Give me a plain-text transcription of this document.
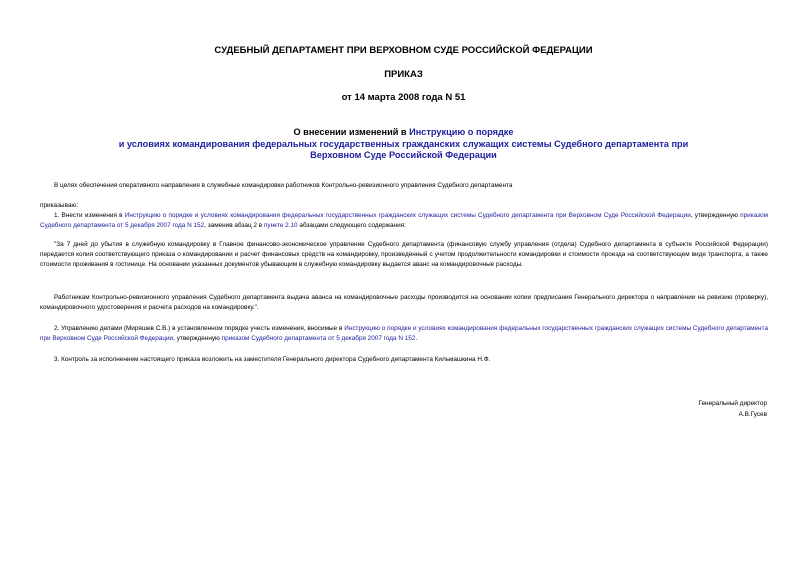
СУДЕБНЫЙ ДЕПАРТАМЕНТ ПРИ ВЕРХОВНОМ СУДЕ РОССИЙСКОЙ ФЕДЕРАЦИИ
ПРИКАЗ
от 14 марта 2008 года N 51
О внесении изменений в Инструкцию о порядке
и условиях командирования федеральных государственных гражданских служащих системы Судебного департамента при
Верховном Суде Российской Федерации
В целях обеспечения оперативного направления в служебные командировки работников Контрольно-ревизионного управления Судебного департамента
приказываю:
1. Внести изменения в Инструкцию о порядке и условиях командирования федеральных государственных гражданских служащих системы Судебного департамента при Верховном Суде Российской Федерации, утвержденную приказом Судебного департамента от 5 декабря 2007 года N 152, заменив абзац 2 в пункте 2.10 абзацами следующего содержания:
"За 7 дней до убытия в служебную командировку в Главное финансово-экономическое управление Судебного департамента (финансовую службу управления (отдела) Судебного департамента в субъекте Российской Федерации) передается копия соответствующего приказа о командировании и расчет финансовых средств на командировку, произведенный с учетом продолжительности командировки и стоимости проезда на соответствующем виде транспорта, а также стоимости проживания в гостинице. На основании указанных документов убывающим в служебную командировку выдается аванс на командировочные расходы.
Работникам Контрольно-ревизионного управления Судебного департамента выдача аванса на командировочные расходы производится на основании копии предписания Генерального директора о направлении на ревизию (проверку), командировочного удостоверения и расчета расходов на командировку.".
2. Управлению делами (Миряшев С.В.) в установленном порядке учесть изменения, вносимые в Инструкцию о порядке и условиях командирования федеральных государственных гражданских служащих системы Судебного департамента при Верховном Суде Российской Федерации, утвержденную приказом Судебного департамента от 5 декабря 2007 года N 152.
3. Контроль за исполнением настоящего приказа возложить на заместителя Генерального директора Судебного департамента Кильмашкина Н.Ф.
Генеральный директор
А.В.Гусев
